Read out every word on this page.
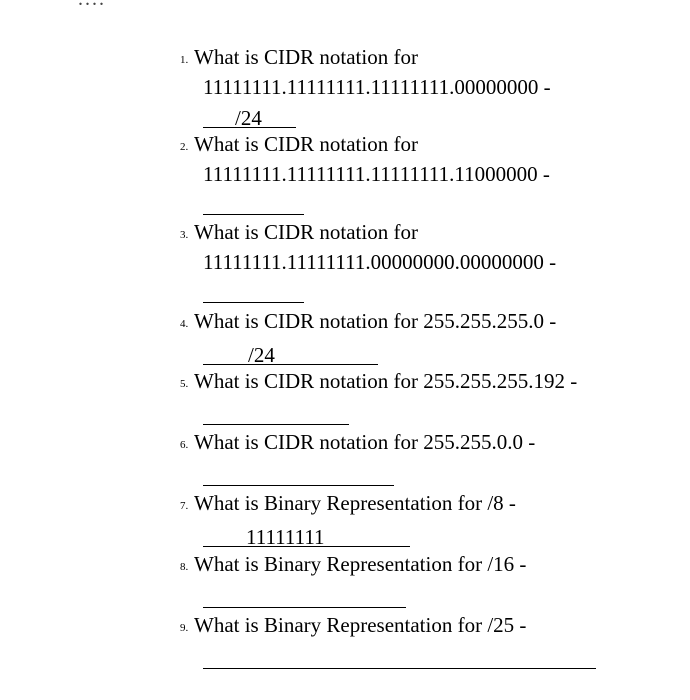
1. What is CIDR notation for
11111111.11111111.11111111.00000000 -
/24
2. What is CIDR notation for
11111111.11111111.11111111.11000000 -
3. What is CIDR notation for
11111111.11111111.00000000.00000000 -
4. What is CIDR notation for 255.255.255.0 -
/24
5. What is CIDR notation for 255.255.255.192 -
6. What is CIDR notation for 255.255.0.0 -
7. What is Binary Representation for /8 -
11111111
8. What is Binary Representation for /16 -
9. What is Binary Representation for /25 -
